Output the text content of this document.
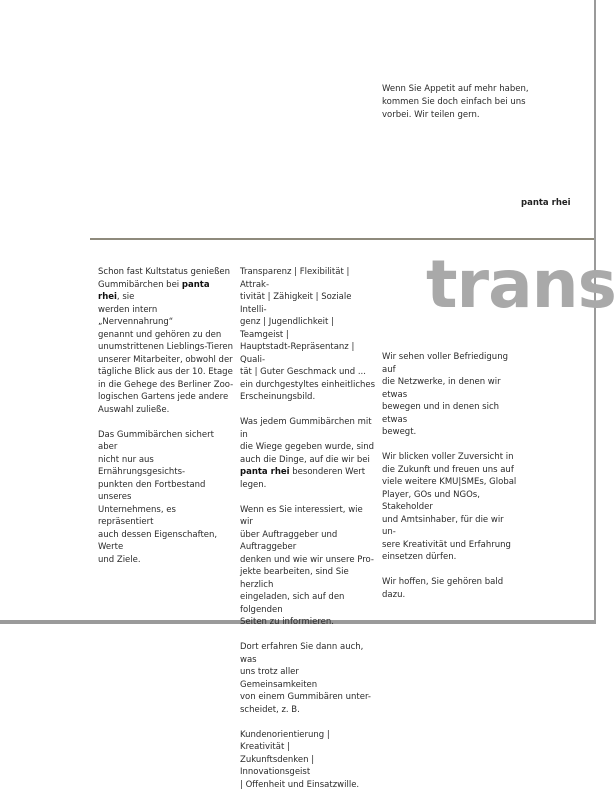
Wenn Sie Appetit auf mehr haben,
kommen Sie doch einfach bei uns
vorbei. Wir teilen gern.
panta rhei
trans

Schon fast Kultstatus genießen
Gummibärchen bei panta rhei, sie
werden intern „Nervennahrung“
genannt und gehören zu den
unumstrittenen Lieblings-Tieren
unserer Mitarbeiter, obwohl der
tägliche Blick aus der 10. Etage
in die Gehege des Berliner Zoo-
logischen Gartens jede andere
Auswahl zuließe.

Das Gummibärchen sichert aber
nicht nur aus Ernährungsgesichts-
punkten den Fortbestand unseres
Unternehmens, es repräsentiert
auch dessen Eigenschaften, Werte
und Ziele.

Transparenz | Flexibilität | Attrak-
tivität | Zähigkeit | Soziale Intelli-
genz | Jugendlichkeit | Teamgeist |
Hauptstadt-Repräsentanz | Quali-
tät | Guter Geschmack und ...
ein durchgestyltes einheitliches
Erscheinungsbild.

Was jedem Gummibärchen mit in
die Wiege gegeben wurde, sind
auch die Dinge, auf die wir bei
panta rhei besonderen Wert legen.

Wenn es Sie interessiert, wie wir
über Auftraggeber und Auftraggeber
denken und wie wir unsere Pro-
jekte bearbeiten, sind Sie herzlich
eingeladen, sich auf den folgenden
Seiten zu informieren.

Dort erfahren Sie dann auch, was
uns trotz aller Gemeinsamkeiten
von einem Gummibären unter-
scheidet, z. B.

Kundenorientierung | Kreativität |
Zukunftsdenken | Innovationsgeist
| Offenheit und Einsatzwille.

Wir sehen voller Befriedigung auf
die Netzwerke, in denen wir etwas
bewegen und in denen sich etwas
bewegt.

Wir blicken voller Zuversicht in
die Zukunft und freuen uns auf
viele weitere KMU|SMEs, Global
Player, GOs und NGOs, Stakeholder
und Amtsinhaber, für die wir un-
sere Kreativität und Erfahrung
einsetzen dürfen.

Wir hoffen, Sie gehören bald dazu.
